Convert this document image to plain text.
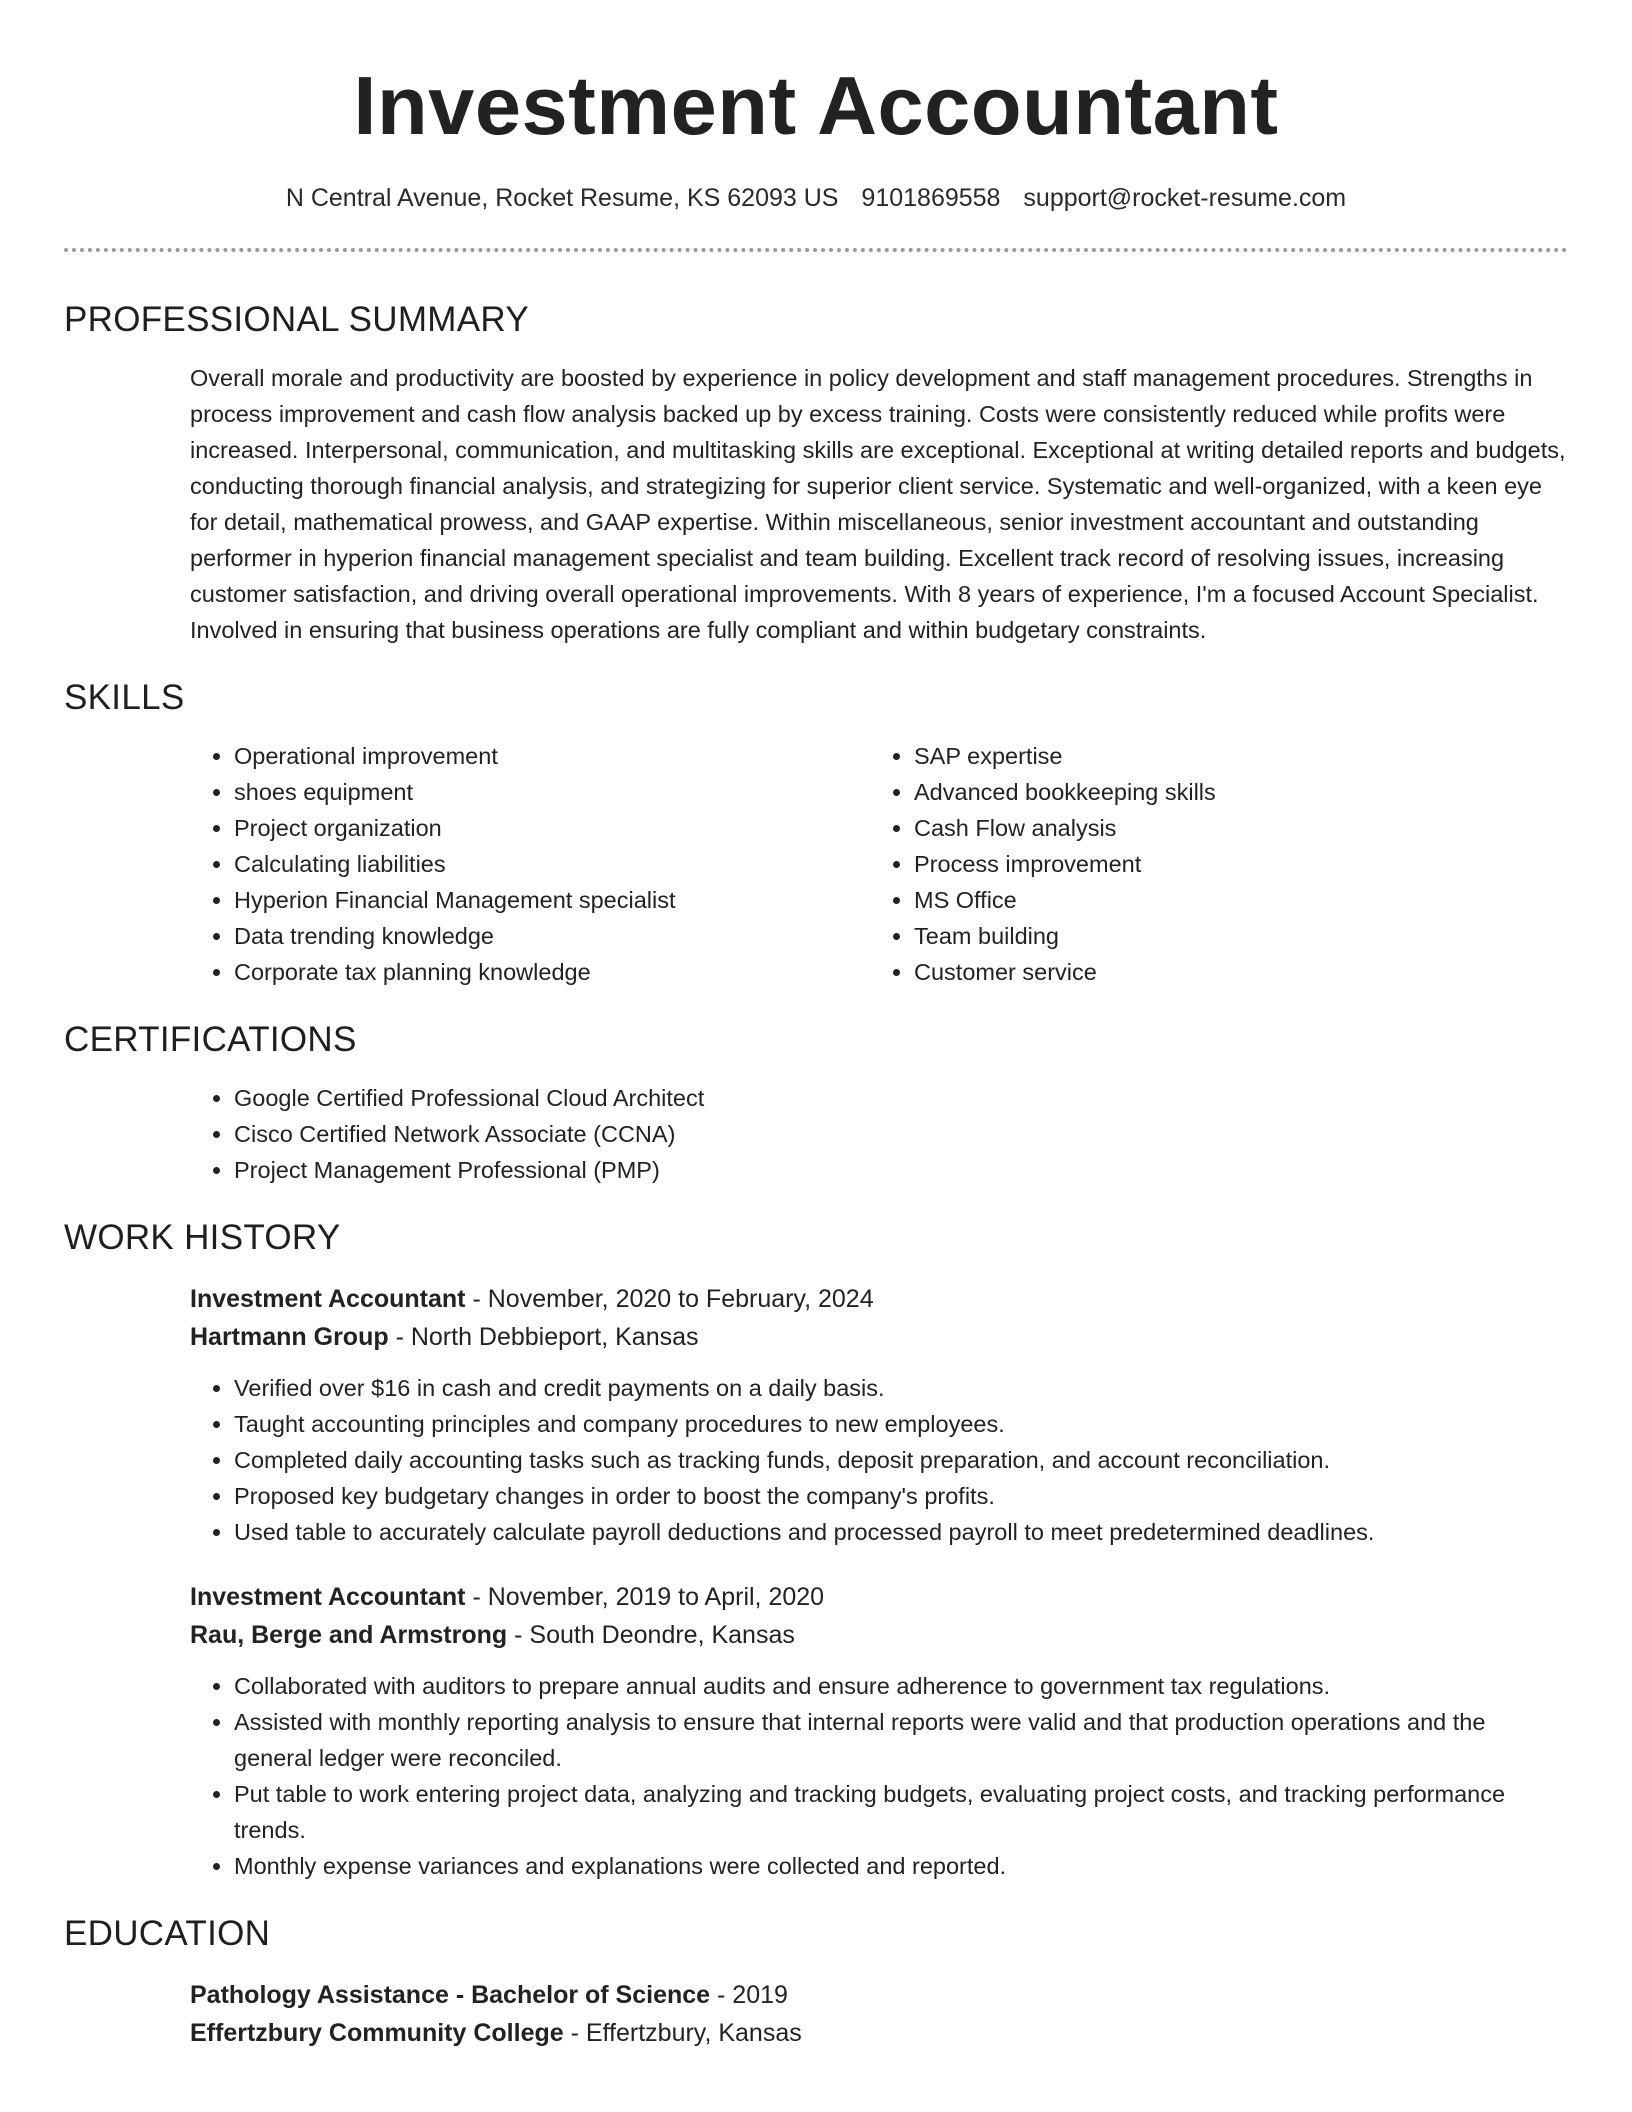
Investment Accountant
N Central Avenue, Rocket Resume, KS 62093 US 9101869558 support@rocket-resume.com
PROFESSIONAL SUMMARY
Overall morale and productivity are boosted by experience in policy development and staff management procedures. Strengths in process improvement and cash flow analysis backed up by excess training. Costs were consistently reduced while profits were increased. Interpersonal, communication, and multitasking skills are exceptional. Exceptional at writing detailed reports and budgets, conducting thorough financial analysis, and strategizing for superior client service. Systematic and well-organized, with a keen eye for detail, mathematical prowess, and GAAP expertise. Within miscellaneous, senior investment accountant and outstanding performer in hyperion financial management specialist and team building. Excellent track record of resolving issues, increasing customer satisfaction, and driving overall operational improvements. With 8 years of experience, I'm a focused Account Specialist. Involved in ensuring that business operations are fully compliant and within budgetary constraints.
SKILLS
• Operational improvement
• shoes equipment
• Project organization
• Calculating liabilities
• Hyperion Financial Management specialist
• Data trending knowledge
• Corporate tax planning knowledge
• SAP expertise
• Advanced bookkeeping skills
• Cash Flow analysis
• Process improvement
• MS Office
• Team building
• Customer service
CERTIFICATIONS
• Google Certified Professional Cloud Architect
• Cisco Certified Network Associate (CCNA)
• Project Management Professional (PMP)
WORK HISTORY
Investment Accountant - November, 2020 to February, 2024
Hartmann Group - North Debbieport, Kansas
• Verified over $16 in cash and credit payments on a daily basis.
• Taught accounting principles and company procedures to new employees.
• Completed daily accounting tasks such as tracking funds, deposit preparation, and account reconciliation.
• Proposed key budgetary changes in order to boost the company's profits.
• Used table to accurately calculate payroll deductions and processed payroll to meet predetermined deadlines.
Investment Accountant - November, 2019 to April, 2020
Rau, Berge and Armstrong - South Deondre, Kansas
• Collaborated with auditors to prepare annual audits and ensure adherence to government tax regulations.
• Assisted with monthly reporting analysis to ensure that internal reports were valid and that production operations and the general ledger were reconciled.
• Put table to work entering project data, analyzing and tracking budgets, evaluating project costs, and tracking performance trends.
• Monthly expense variances and explanations were collected and reported.
EDUCATION
Pathology Assistance - Bachelor of Science - 2019
Effertzbury Community College - Effertzbury, Kansas
